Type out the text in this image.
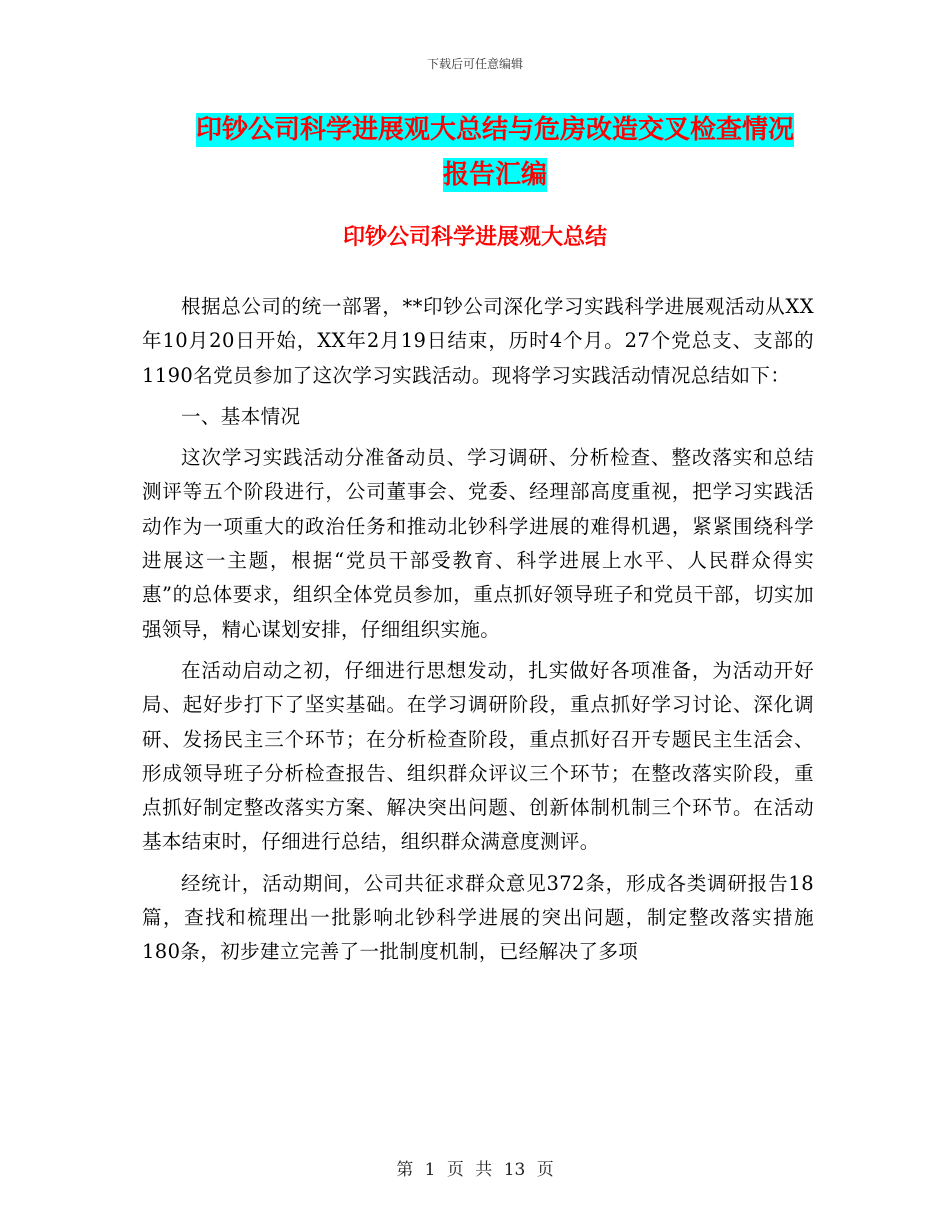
下载后可任意编辑
印钞公司科学进展观大总结与危房改造交叉检查情况
报告汇编
印钞公司科学进展观大总结

根据总公司的统一部署，**印钞公司深化学习实践科学进展观活动从XX年10月20日开始，XX年2月19日结束，历时4个月。27个党总支、支部的1190名党员参加了这次学习实践活动。现将学习实践活动情况总结如下：

一、基本情况

这次学习实践活动分准备动员、学习调研、分析检查、整改落实和总结测评等五个阶段进行，公司董事会、党委、经理部高度重视，把学习实践活动作为一项重大的政治任务和推动北钞科学进展的难得机遇，紧紧围绕科学进展这一主题，根据“党员干部受教育、科学进展上水平、人民群众得实惠”的总体要求，组织全体党员参加，重点抓好领导班子和党员干部，切实加强领导，精心谋划安排，仔细组织实施。

在活动启动之初，仔细进行思想发动，扎实做好各项准备，为活动开好局、起好步打下了坚实基础。在学习调研阶段，重点抓好学习讨论、深化调研、发扬民主三个环节；在分析检查阶段，重点抓好召开专题民主生活会、形成领导班子分析检查报告、组织群众评议三个环节；在整改落实阶段，重点抓好制定整改落实方案、解决突出问题、创新体制机制三个环节。在活动基本结束时，仔细进行总结，组织群众满意度测评。

经统计，活动期间，公司共征求群众意见372条，形成各类调研报告18篇，查找和梳理出一批影响北钞科学进展的突出问题，制定整改落实措施180条，初步建立完善了一批制度机制，已经解决了多项

第 1 页 共 13 页
